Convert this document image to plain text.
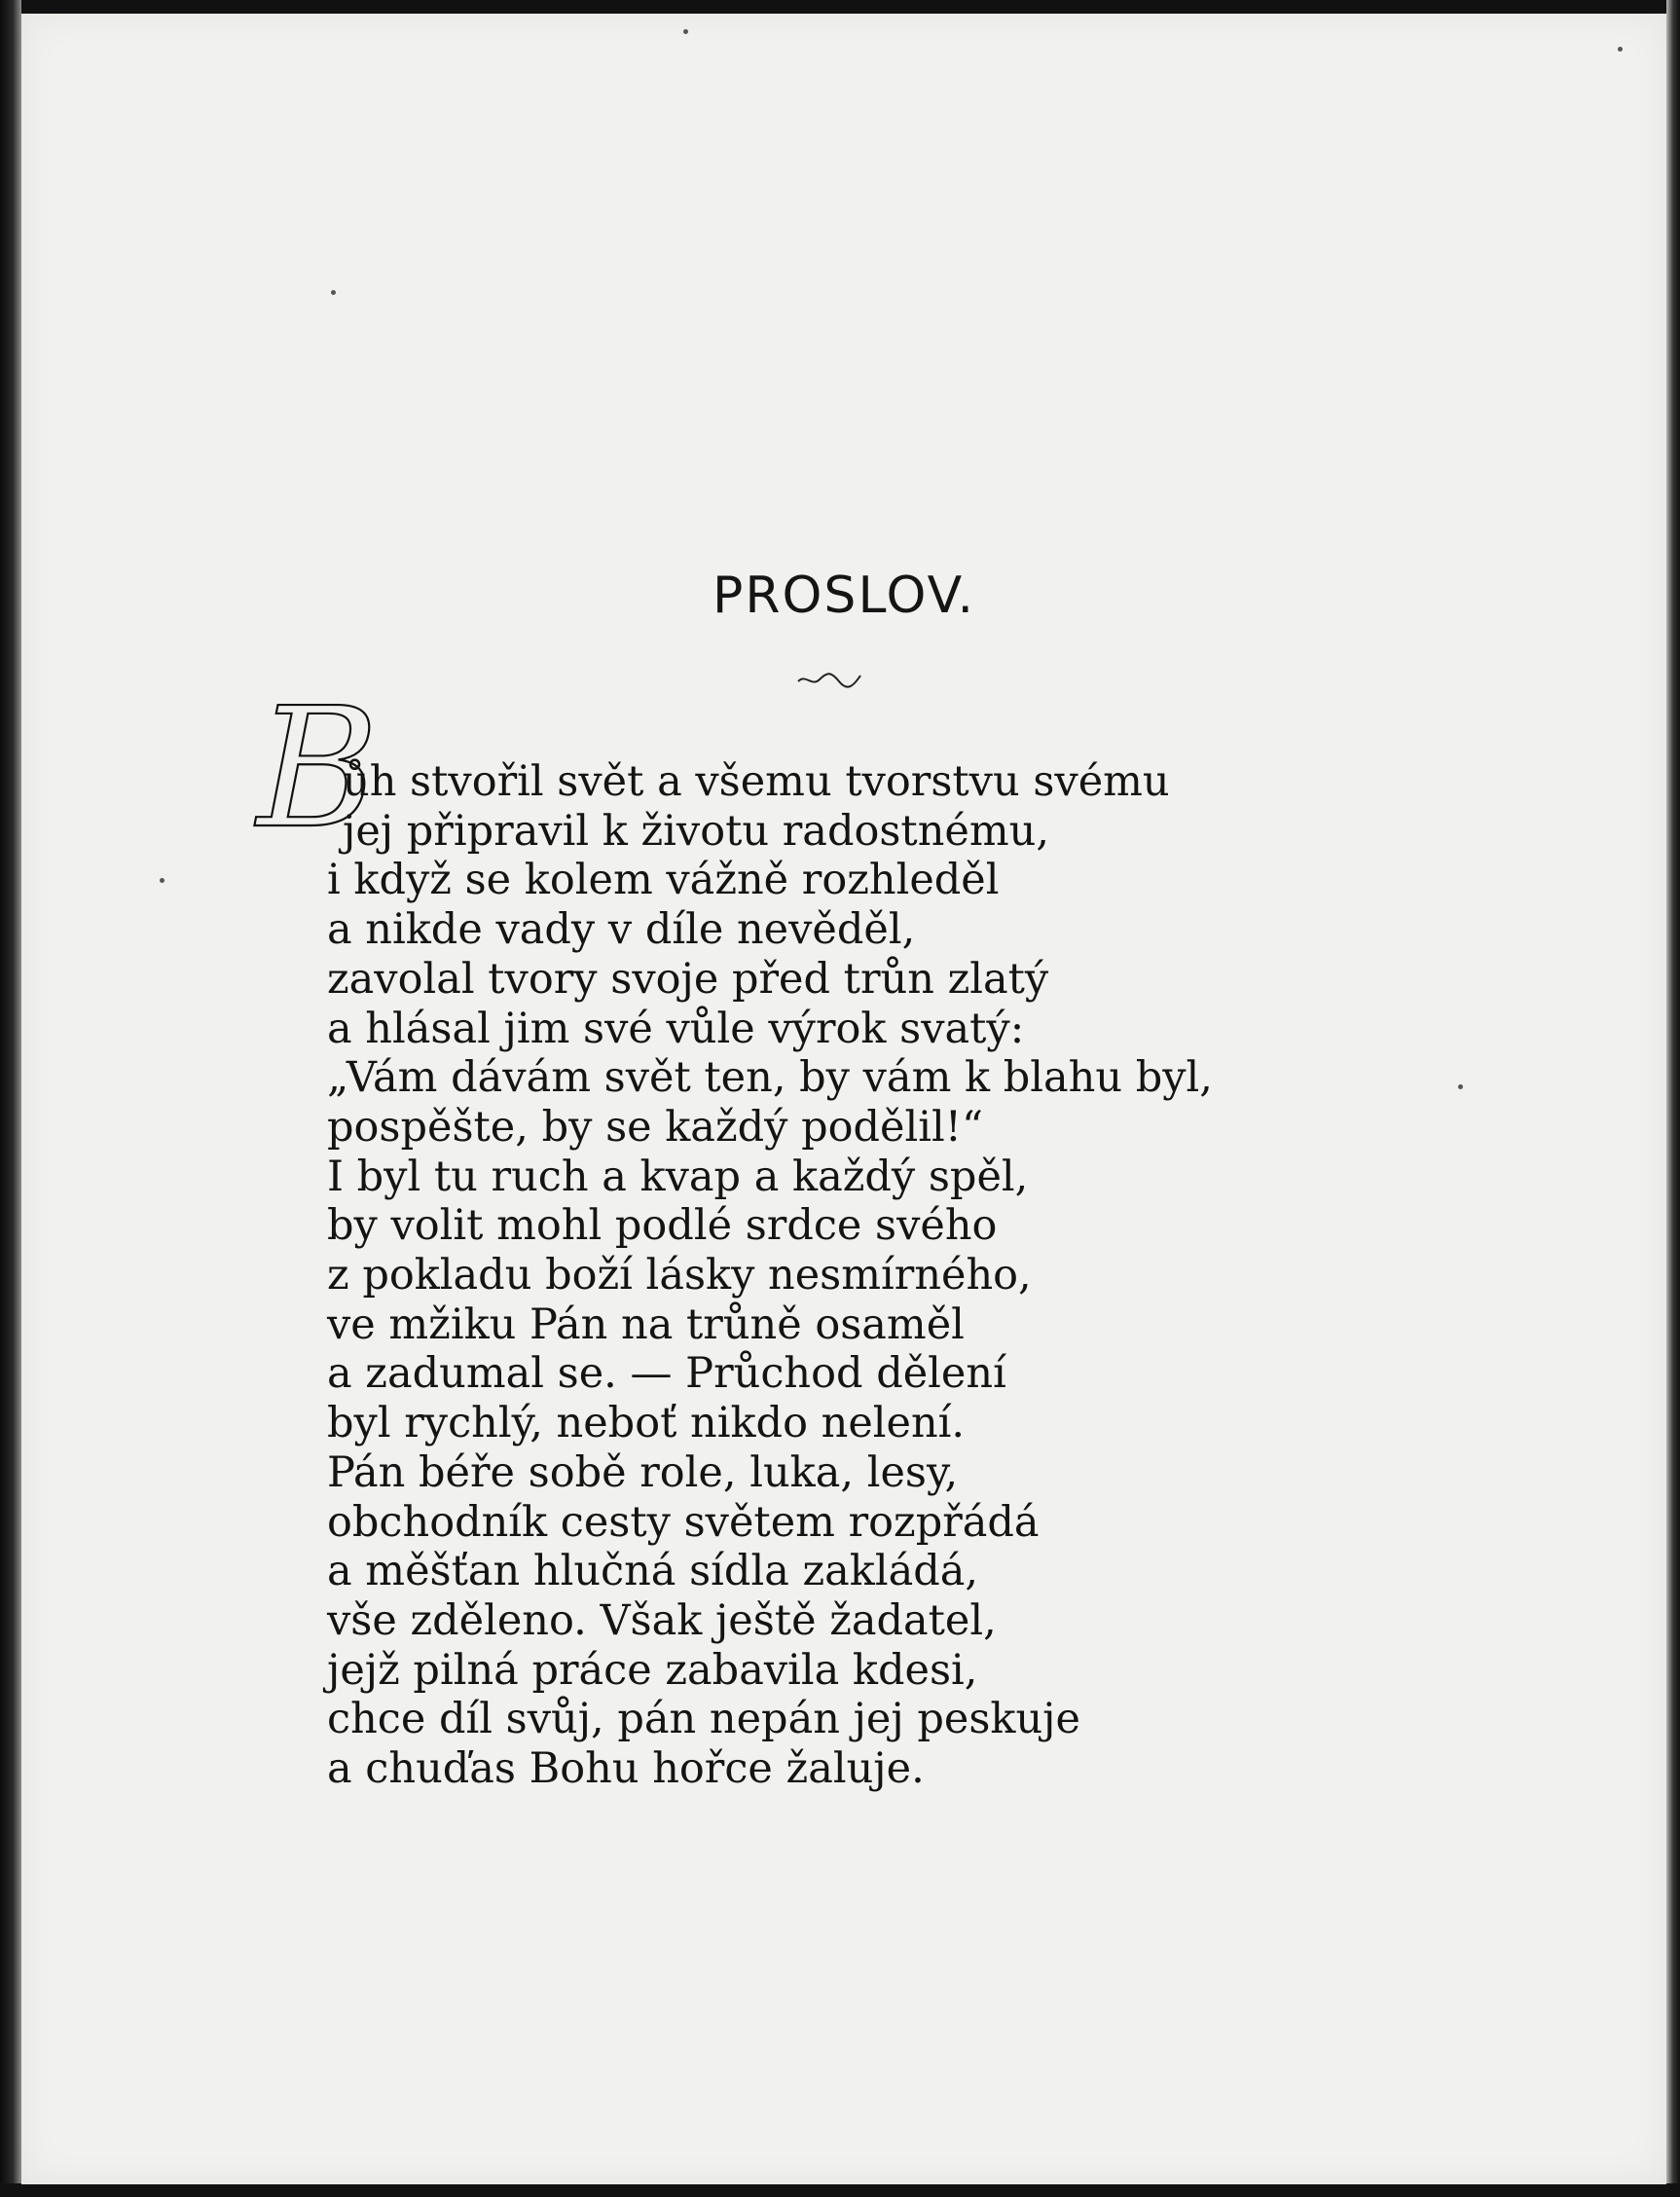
PROSLOV.
B
ůh stvořil svět a všemu tvorstvu svému
jej připravil k životu radostnému,
i když se kolem vážně rozhleděl
a nikde vady v díle nevěděl,
zavolal tvory svoje před trůn zlatý
a hlásal jim své vůle výrok svatý:
„Vám dávám svět ten, by vám k blahu byl,
pospěšte, by se každý podělil!“
I byl tu ruch a kvap a každý spěl,
by volit mohl podlé srdce svého
z pokladu boží lásky nesmírného,
ve mžiku Pán na trůně osaměl
a zadumal se. — Průchod dělení
byl rychlý, neboť nikdo nelení.
Pán béře sobě role, luka, lesy,
obchodník cesty světem rozpřádá
a měšťan hlučná sídla zakládá,
vše zděleno. Však ještě žadatel,
jejž pilná práce zabavila kdesi,
chce díl svůj, pán nepán jej peskuje
a chuďas Bohu hořce žaluje.
